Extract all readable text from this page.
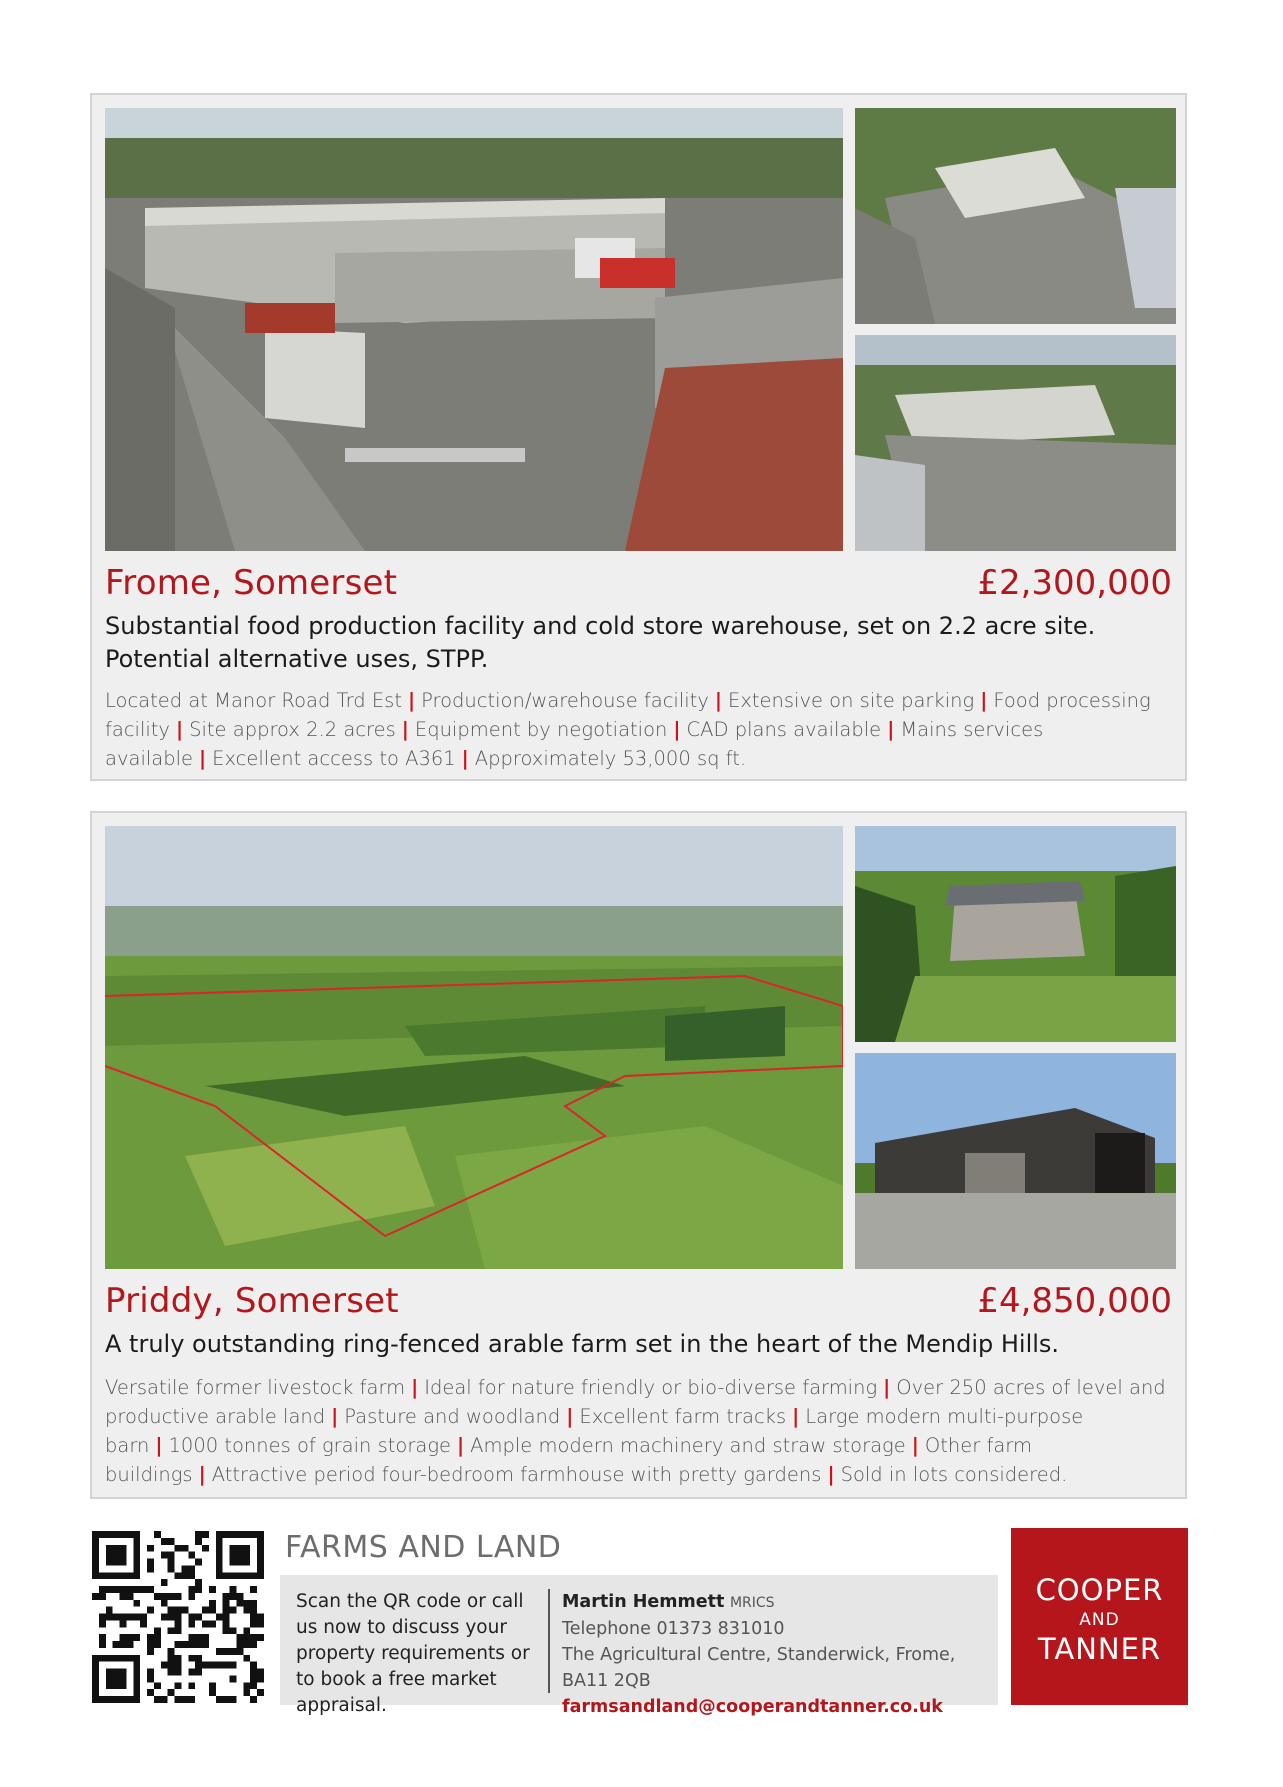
Frome, Somerset	£2,300,000
Substantial food production facility and cold store warehouse, set on 2.2 acre site.
Potential alternative uses, STPP.
Located at Manor Road Trd Est | Production/warehouse facility | Extensive on site parking | Food processing facility | Site approx 2.2 acres | Equipment by negotiation | CAD plans available | Mains services available | Excellent access to A361 | Approximately 53,000 sq ft.
Priddy, Somerset	£4,850,000
A truly outstanding ring-fenced arable farm set in the heart of the Mendip Hills.
Versatile former livestock farm | Ideal for nature friendly or bio-diverse farming | Over 250 acres of level and productive arable land | Pasture and woodland | Excellent farm tracks | Large modern multi-purpose barn | 1000 tonnes of grain storage | Ample modern machinery and straw storage | Other farm buildings | Attractive period four-bedroom farmhouse with pretty gardens | Sold in lots considered.
FARMS AND LAND
Scan the QR code or call us now to discuss your property requirements or to book a free market appraisal.
Martin Hemmett MRICS
Telephone 01373 831010
The Agricultural Centre, Standerwick, Frome, BA11 2QB
farmsandland@cooperandtanner.co.uk
COOPER
AND
TANNER
